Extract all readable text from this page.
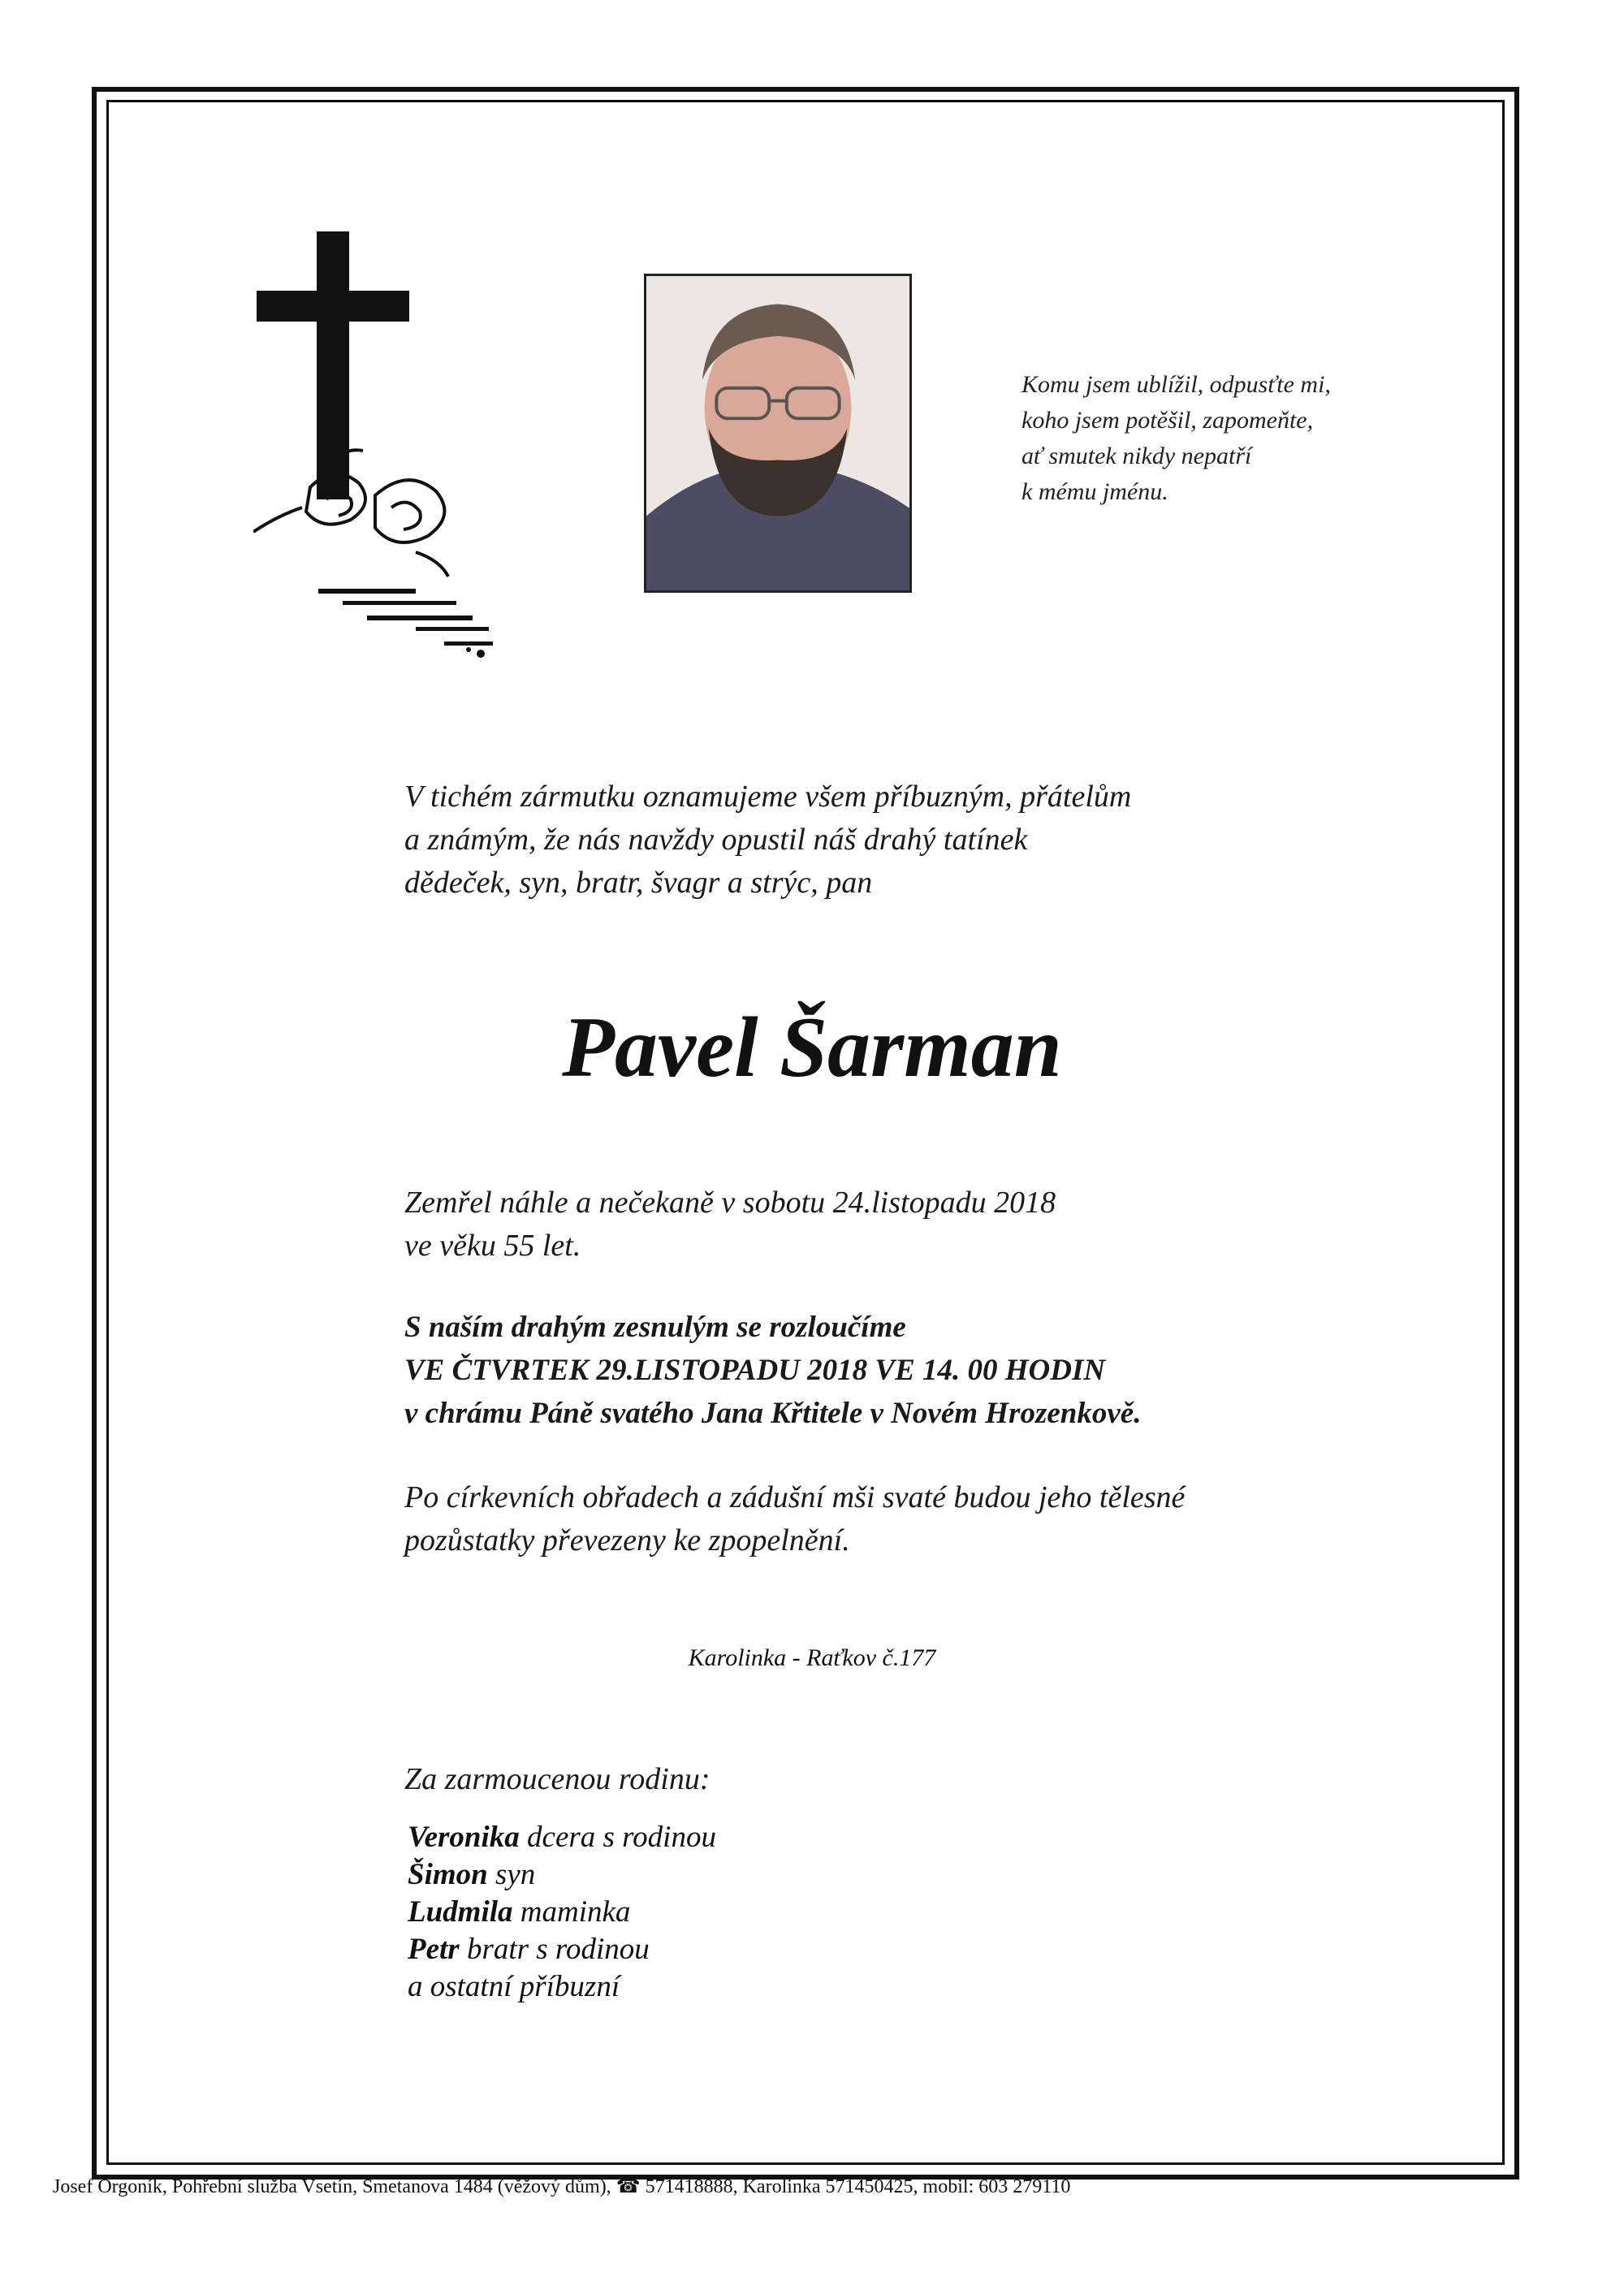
Komu jsem ublížil, odpusťte mi,
koho jsem potěšil, zapomeňte,
ať smutek nikdy nepatří
k mému jménu.
V tichém zármutku oznamujeme všem příbuzným, přátelům
a známým, že nás navždy opustil náš drahý tatínek
dědeček, syn, bratr, švagr a strýc, pan
Pavel Šarman
Zemřel náhle a nečekaně v sobotu 24.listopadu 2018
ve věku 55 let.
S naším drahým zesnulým se rozloučíme
VE ČTVRTEK 29.LISTOPADU 2018 VE 14. 00 HODIN
v chrámu Páně svatého Jana Křtitele v Novém Hrozenkově.
Po církevních obřadech a zádušní mši svaté budou jeho tělesné
pozůstatky převezeny ke zpopelnění.
Karolinka - Raťkov č.177
Za zarmoucenou rodinu:
Veronika dcera s rodinou
Šimon syn
Ludmila maminka
Petr bratr s rodinou
a ostatní příbuzní
Josef Orgoník, Pohřební služba Vsetín, Smetanova 1484 (věžový dům), ☎ 571418888, Karolinka 571450425, mobil: 603 279110
